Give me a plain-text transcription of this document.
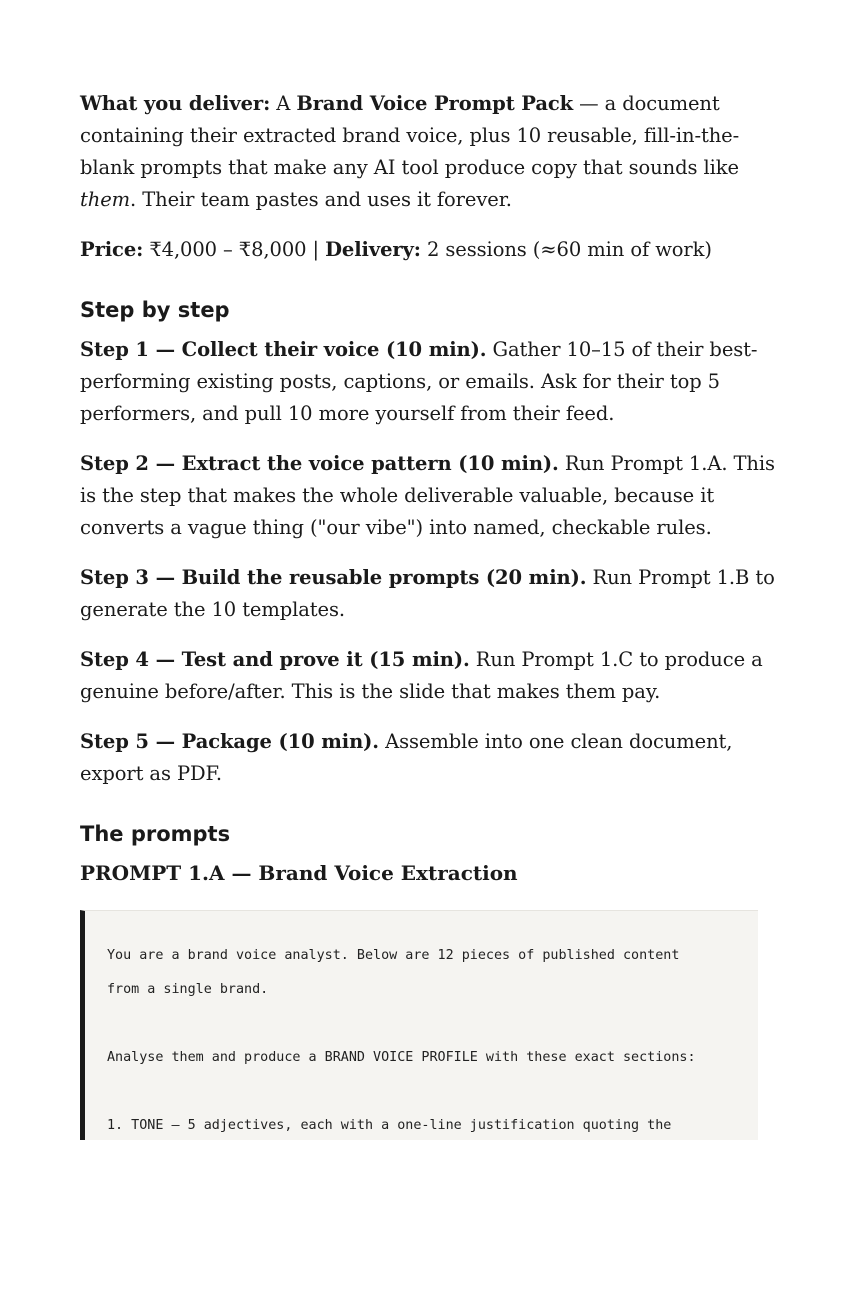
What you deliver: A Brand Voice Prompt Pack — a document containing their extracted brand voice, plus 10 reusable, fill-in-the-blank prompts that make any AI tool produce copy that sounds like them. Their team pastes and uses it forever.

Price: ₹4,000 – ₹8,000 | Delivery: 2 sessions (≈60 min of work)

Step by step

Step 1 — Collect their voice (10 min). Gather 10–15 of their best-performing existing posts, captions, or emails. Ask for their top 5 performers, and pull 10 more yourself from their feed.

Step 2 — Extract the voice pattern (10 min). Run Prompt 1.A. This is the step that makes the whole deliverable valuable, because it converts a vague thing ("our vibe") into named, checkable rules.

Step 3 — Build the reusable prompts (20 min). Run Prompt 1.B to generate the 10 templates.

Step 4 — Test and prove it (15 min). Run Prompt 1.C to produce a genuine before/after. This is the slide that makes them pay.

Step 5 — Package (10 min). Assemble into one clean document, export as PDF.

The prompts
PROMPT 1.A — Brand Voice Extraction
You are a brand voice analyst. Below are 12 pieces of published content
from a single brand.
Analyse them and produce a BRAND VOICE PROFILE with these exact sections:
1. TONE — 5 adjectives, each with a one-line justification quoting the
